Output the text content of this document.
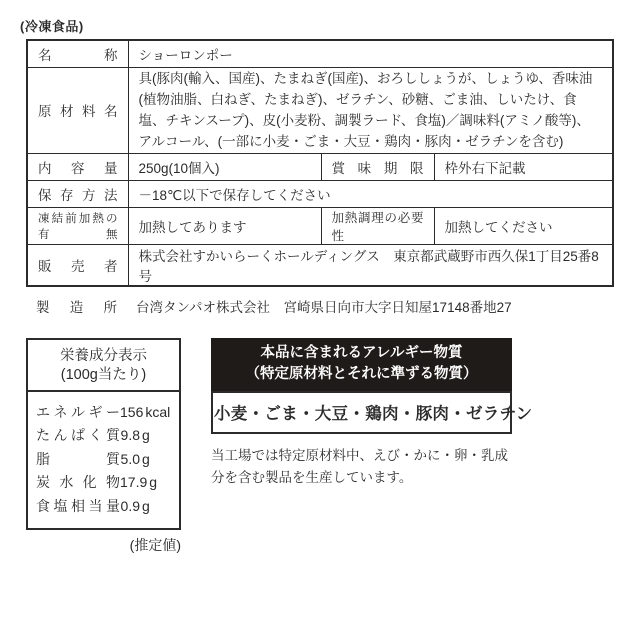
(冷凍食品)
名称	ショーロンポー		
原材料名	具(豚肉(輸入、国産)、たまねぎ(国産)、おろししょうが、しょうゆ、香味油(植物油脂、白ねぎ、たまねぎ)、ゼラチン、砂糖、ごま油、しいたけ、食塩、チキンスープ)、皮(小麦粉、調製ラード、食塩)／調味料(アミノ酸等)、アルコール、(一部に小麦・ごま・大豆・鶏肉・豚肉・ゼラチンを含む)		
内容量	250g(10個入)	賞味期限	枠外右下記載
保存方法	－18℃以下で保存してください		
凍結前加熱の有無	加熱してあります	加熱調理の必要性	加熱してください
販売者	株式会社すかいらーくホールディングス　東京都武蔵野市西久保1丁目25番8号		
製造所 台湾タンパオ株式会社　宮崎県日向市大字日知屋17148番地27
栄養成分表示
(100g当たり)
エネルギー 156 kcal
たんぱく質 9.8 g
脂質 5.0 g
炭水化物 17.9 g
食塩相当量 0.9 g
(推定値)
本品に含まれるアレルギー物質
（特定原材料とそれに準ずる物質）
小麦・ごま・大豆・鶏肉・豚肉・ゼラチン
当工場では特定原材料中、えび・かに・卵・乳成分を含む製品を生産しています。
